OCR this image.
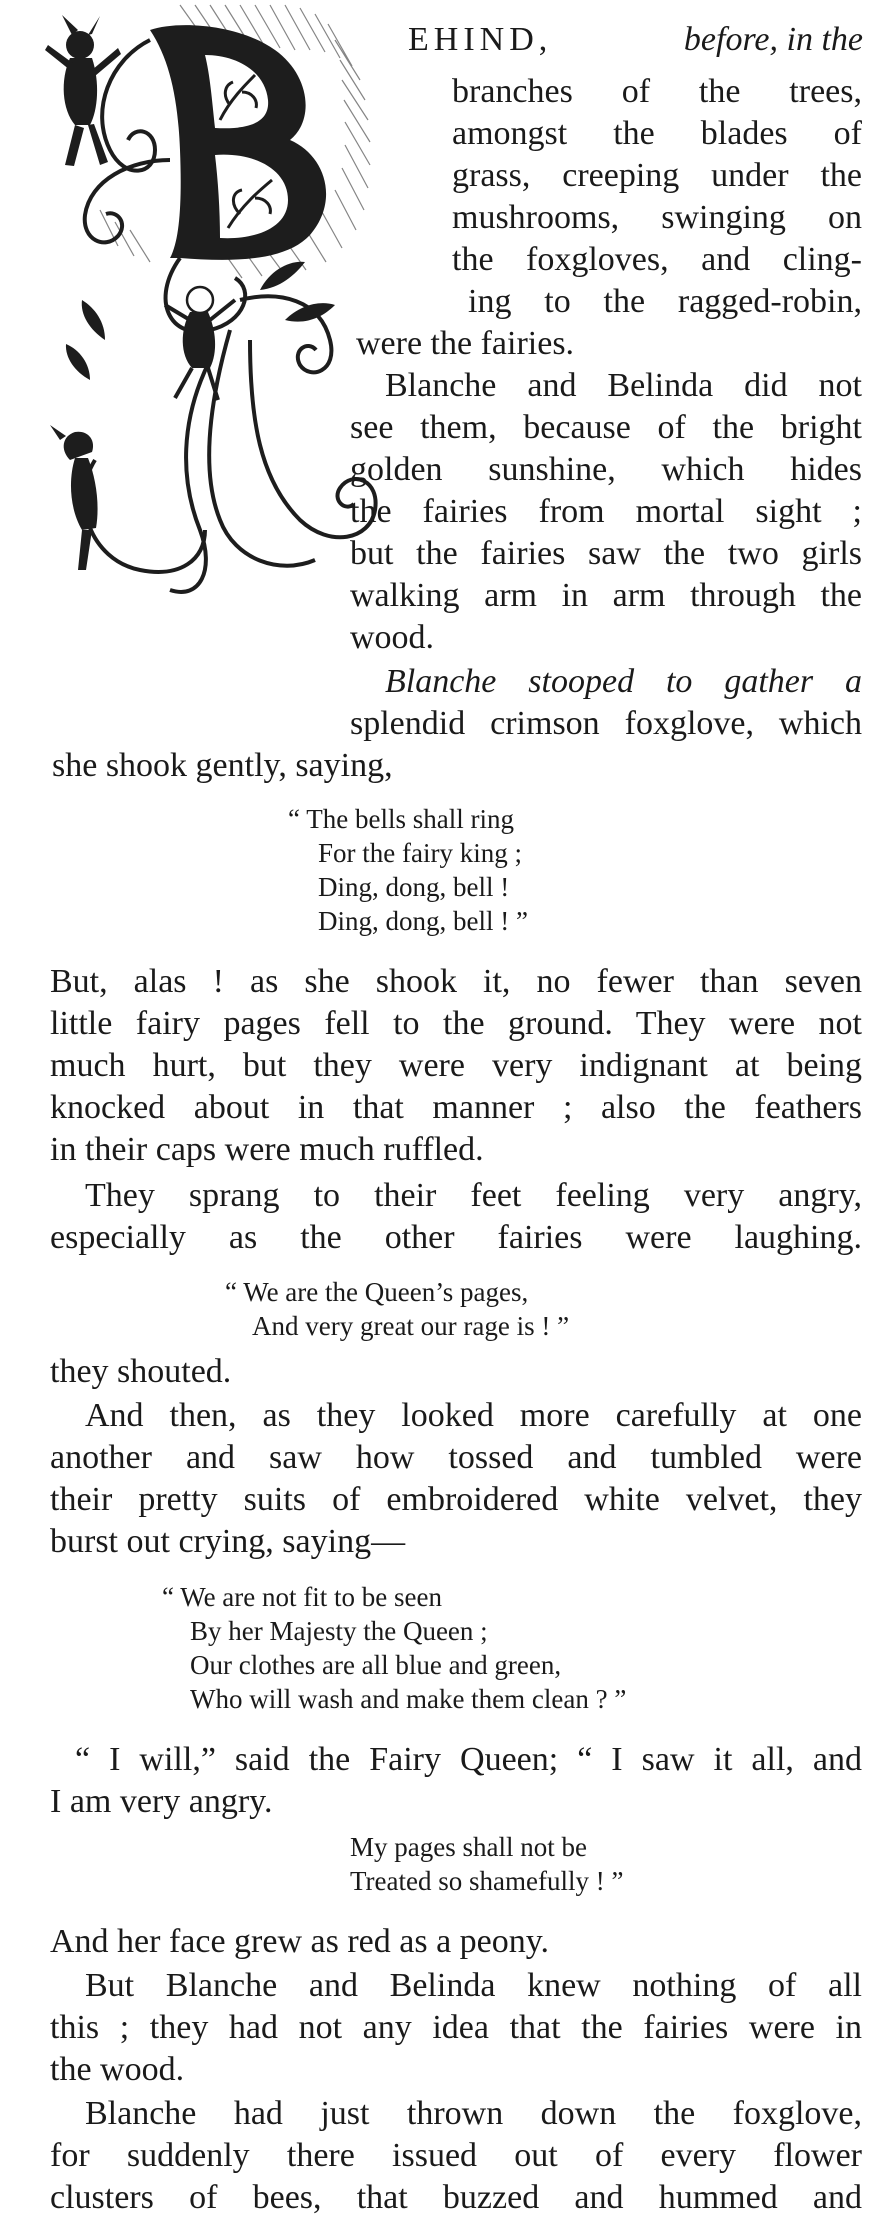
EHIND,	before, in the
branches of the trees,
amongst the blades of
grass, creeping under the
mushrooms, swinging on
the foxgloves, and cling-
ing to the ragged-robin,
were the fairies.
Blanche and Belinda did not
see them, because of the bright
golden sunshine, which hides
the fairies from mortal sight ;
but the fairies saw the two girls
walking arm in arm through the
wood.
Blanche stooped to gather a
splendid crimson foxglove, which
she shook gently, saying,
“ The bells shall ring
For the fairy king ;
Ding, dong, bell !
Ding, dong, bell ! ”
But, alas ! as she shook it, no fewer than seven
little fairy pages fell to the ground. They were not
much hurt, but they were very indignant at being
knocked about in that manner ; also the feathers
in their caps were much ruffled.
They sprang to their feet feeling very angry,
especially as the other fairies were laughing.
“ We are the Queen’s pages,
And very great our rage is ! ”
they shouted.
And then, as they looked more carefully at one
another and saw how tossed and tumbled were
their pretty suits of embroidered white velvet, they
burst out crying, saying—
“ We are not fit to be seen
By her Majesty the Queen ;
Our clothes are all blue and green,
Who will wash and make them clean ? ”
“ I will,” said the Fairy Queen; “ I saw it all, and
I am very angry.
My pages shall not be
Treated so shamefully ! ”
And her face grew as red as a peony.
But Blanche and Belinda knew nothing of all
this ; they had not any idea that the fairies were in
the wood.
Blanche had just thrown down the foxglove,
for suddenly there issued out of every flower
clusters of bees, that buzzed and hummed and
